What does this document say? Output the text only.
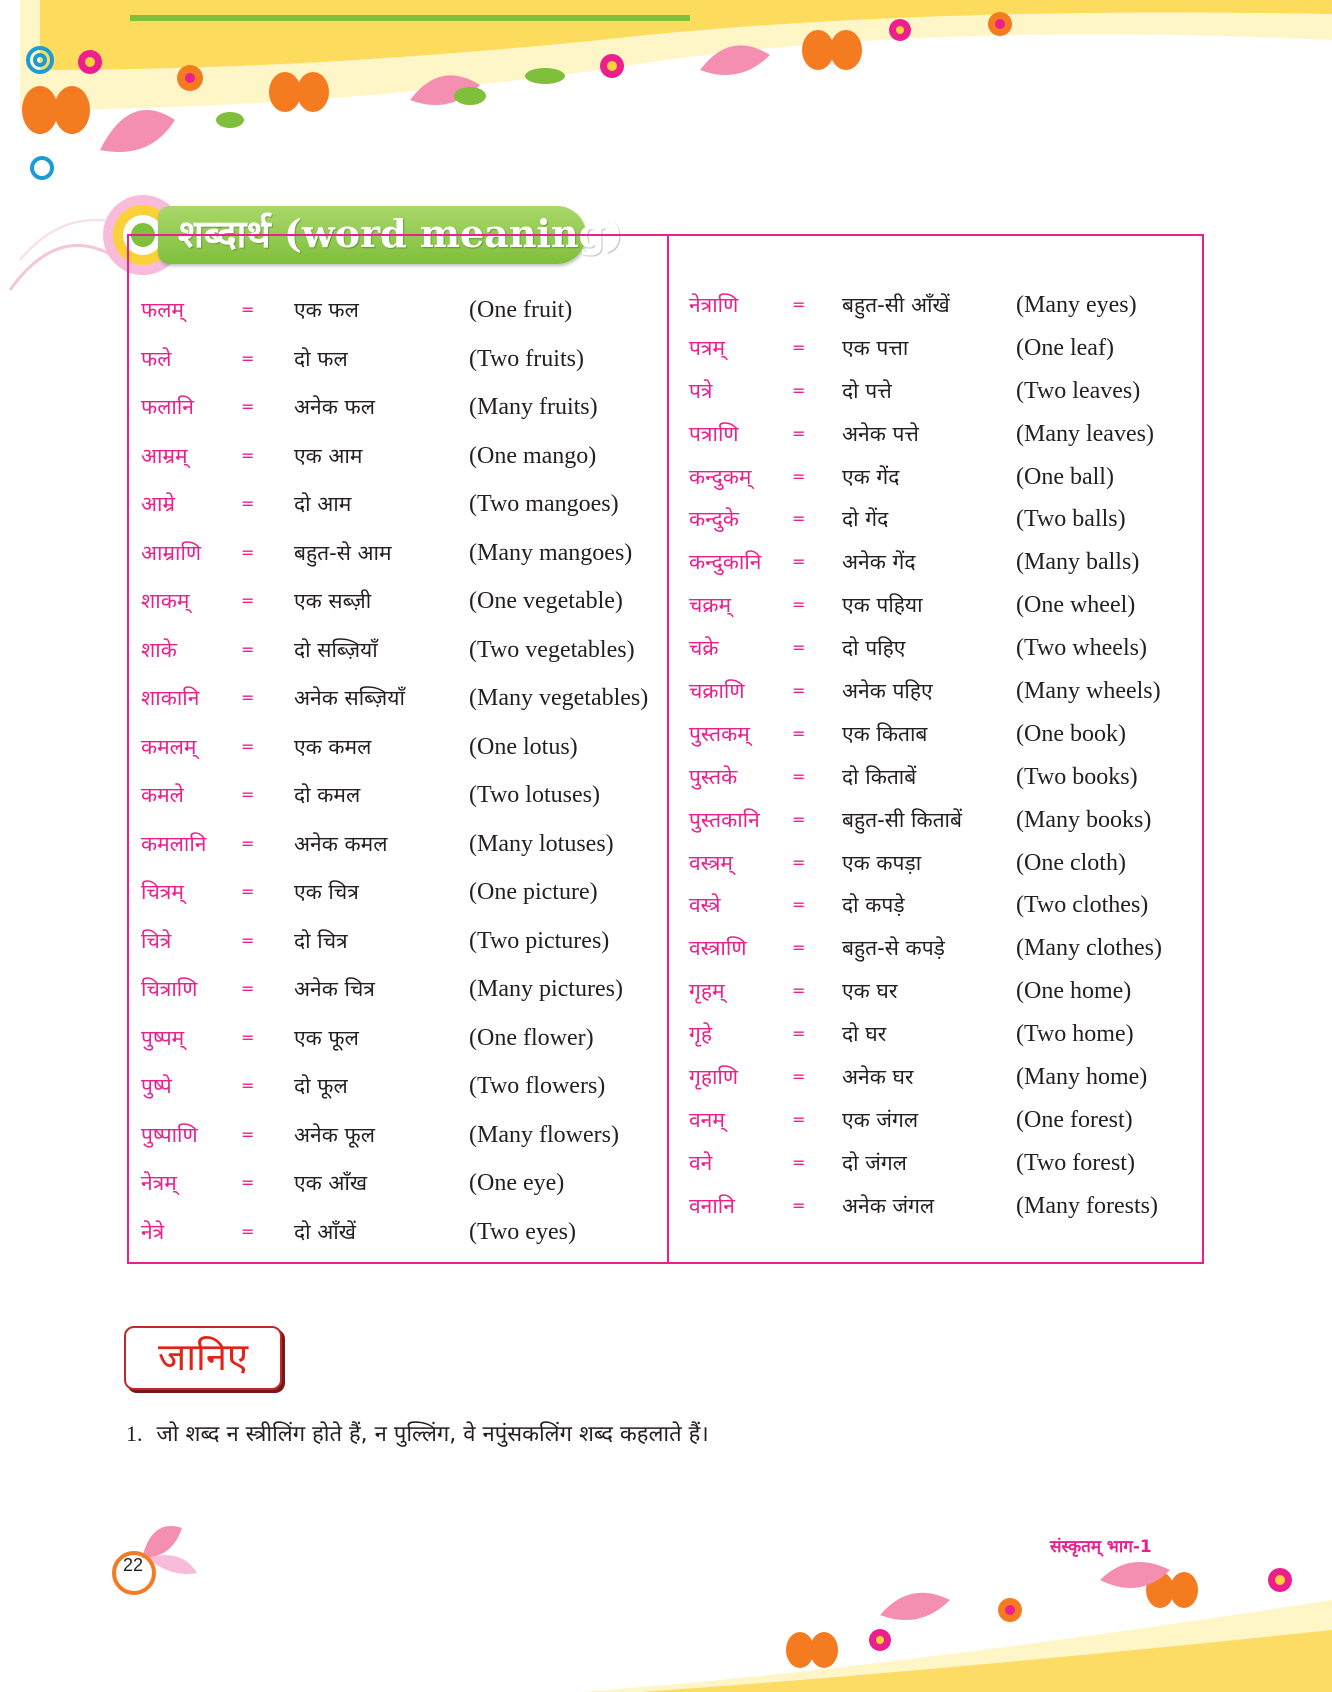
शब्दार्थ (word meaning)
फलम्	= एक फल	(One fruit)
फले	= दो फल	(Two fruits)
फलानि	= अनेक फल	(Many fruits)
आम्रम्	= एक आम	(One mango)
आम्रे	= दो आम	(Two mangoes)
आम्राणि = बहुत-से आम	(Many mangoes)
शाकम्	= एक सब्ज़ी	(One vegetable)
शाके	= दो सब्ज़ियाँ	(Two vegetables)
शाकानि	= अनेक सब्ज़ियाँ	(Many vegetables)
कमलम्	= एक कमल	(One lotus)
कमले	= दो कमल	(Two lotuses)
कमलानि = अनेक कमल	(Many lotuses)
चित्रम्	= एक चित्र	(One picture)
चित्रे	= दो चित्र	(Two pictures)
चित्राणि	= अनेक चित्र	(Many pictures)
पुष्पम्	= एक फूल	(One flower)
पुष्पे	= दो फूल	(Two flowers)
पुष्पाणि	= अनेक फूल	(Many flowers)
नेत्रम्	= एक आँख	(One eye)
नेत्रे	= दो आँखें	(Two eyes)
नेत्राणि	= बहुत-सी आँखें	(Many eyes)
पत्रम्	= एक पत्ता	(One leaf)
पत्रे	= दो पत्ते	(Two leaves)
पत्राणि	= अनेक पत्ते	(Many leaves)
कन्दुकम्	= एक गेंद	(One ball)
कन्दुके	= दो गेंद	(Two balls)
कन्दुकानि = अनेक गेंद	(Many balls)
चक्रम्	= एक पहिया	(One wheel)
चक्रे	= दो पहिए	(Two wheels)
चक्राणि	= अनेक पहिए	(Many wheels)
पुस्तकम्	= एक किताब	(One book)
पुस्तके	= दो किताबें	(Two books)
पुस्तकानि = बहुत-सी किताबें (Many books)
वस्त्रम्	= एक कपड़ा	(One cloth)
वस्त्रे	= दो कपड़े	(Two clothes)
वस्त्राणि	= बहुत-से कपड़े	(Many clothes)
गृहम्	= एक घर	(One home)
गृहे	= दो घर	(Two home)
गृहाणि	= अनेक घर	(Many home)
वनम्	= एक जंगल	(One forest)
वने	= दो जंगल	(Two forest)
वनानि	= अनेक जंगल	(Many forests)
जानिए
1. जो शब्द न स्त्रीलिंग होते हैं, न पुल्लिंग, वे नपुंसकलिंग शब्द कहलाते हैं।
22
संस्कृतम् भाग-1
